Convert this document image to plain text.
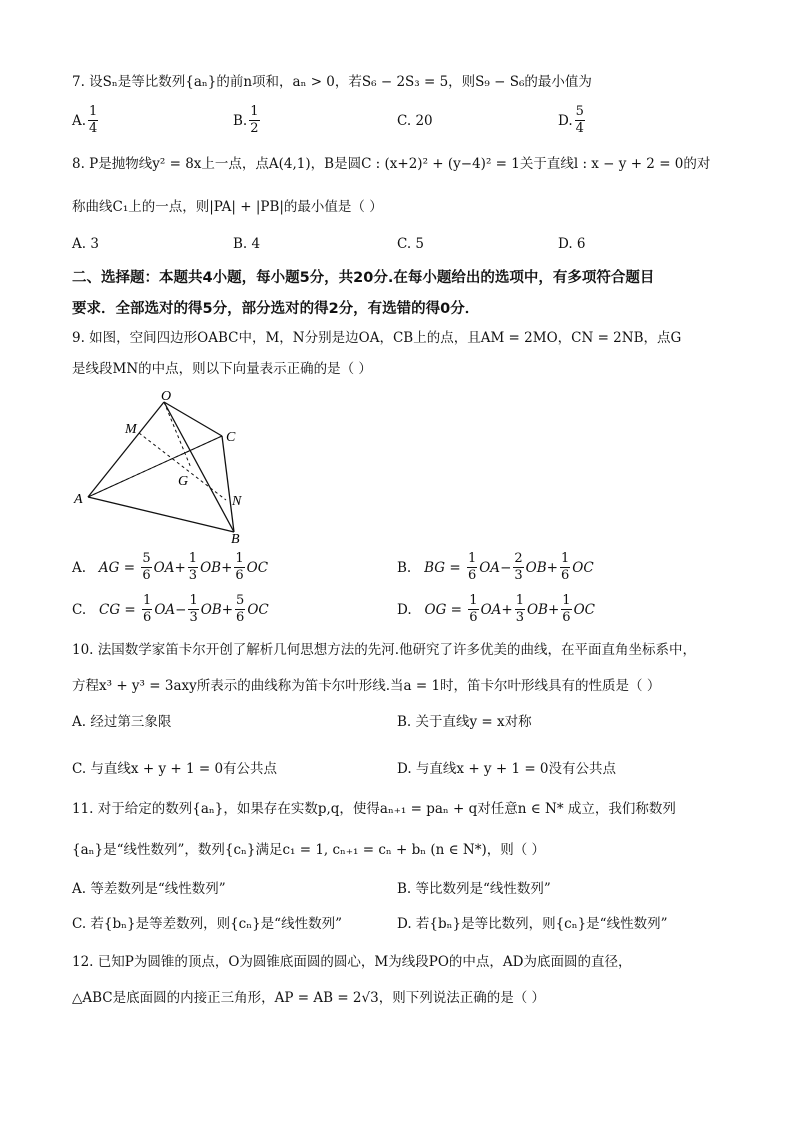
7. 设Sₙ是等比数列{aₙ}的前n项和，aₙ > 0，若S₆ − 2S₃ = 5，则S₉ − S₆的最小值为
A. $\frac{1}{4}$	B. $\frac{1}{2}$	C.
20	D. $\frac{5}{4}$
8. P是抛物线y² = 8x上一点，点A(4,1)，B是圆C : (x+2)² + (y−4)² = 1关于直线l : x − y + 2 = 0的对
称曲线C₁上的一点，则|PA| + |PB|的最小值是（ ）
A. 3	B. 4	C. 5	D. 6
二、选择题：本题共4小题，每小题5分，共20分.在每小题给出的选项中，有多项符合题目
要求．全部选对的得5分，部分选对的得2分，有选错的得0分．
9. 如图，空间四边形OABC中，M，N分别是边OA，CB上的点，且AM = 2MO，CN = 2NB，点G
是线段MN的中点，则以下向量表示正确的是（ ）
O
M
C
G
A	N
B
A.
AG =
$\frac{5}{6}$ OA + $\frac{1}{3}$ OB + $\frac{1}{6}$ OC	B.
BG =
$\frac{1}{6}$ OA − $\frac{2}{3}$ OB + $\frac{1}{6}$ OC
C.
CG =
$\frac{1}{6}$ OA − $\frac{1}{3}$ OB + $\frac{5}{6}$ OC	D.
OG =
$\frac{1}{6}$ OA + $\frac{1}{3}$ OB + $\frac{1}{6}$ OC
10. 法国数学家笛卡尔开创了解析几何思想方法的先河.他研究了许多优美的曲线，在平面直角坐标系中，
方程x³ + y³ = 3axy所表示的曲线称为笛卡尔叶形线.当a = 1时，笛卡尔叶形线具有的性质是（ ）
A. 经过第三象限	B. 关于直线y = x对称
C. 与直线x + y + 1 = 0有公共点	D. 与直线x + y + 1 = 0没有公共点
11. 对于给定的数列{aₙ}，如果存在实数p,q，使得aₙ₊₁ = paₙ + q对任意n ∈ N* 成立，我们称数列
{aₙ}是“线性数列”，数列{cₙ}满足c₁ = 1, cₙ₊₁ = cₙ + bₙ (n ∈ N*)，则（ ）
A. 等差数列是“线性数列”	B. 等比数列是“线性数列”
C. 若{bₙ}是等差数列，则{cₙ}是“线性数列”	D. 若{bₙ}是等比数列，则{cₙ}是“线性数列”
12. 已知P为圆锥的顶点，O为圆锥底面圆的圆心，M为线段PO的中点，AD为底面圆的直径，
△ABC是底面圆的内接正三角形，AP = AB = 2√3，则下列说法正确的是（ ）
